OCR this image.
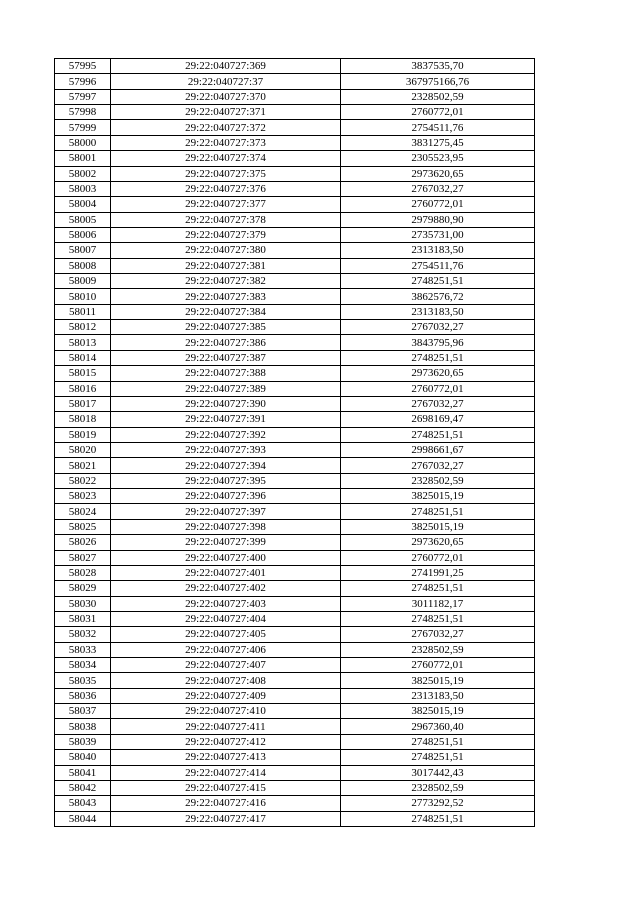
57995	29:22:040727:369	3837535,70
57996	29:22:040727:37	367975166,76
57997	29:22:040727:370	2328502,59
57998	29:22:040727:371	2760772,01
57999	29:22:040727:372	2754511,76
58000	29:22:040727:373	3831275,45
58001	29:22:040727:374	2305523,95
58002	29:22:040727:375	2973620,65
58003	29:22:040727:376	2767032,27
58004	29:22:040727:377	2760772,01
58005	29:22:040727:378	2979880,90
58006	29:22:040727:379	2735731,00
58007	29:22:040727:380	2313183,50
58008	29:22:040727:381	2754511,76
58009	29:22:040727:382	2748251,51
58010	29:22:040727:383	3862576,72
58011	29:22:040727:384	2313183,50
58012	29:22:040727:385	2767032,27
58013	29:22:040727:386	3843795,96
58014	29:22:040727:387	2748251,51
58015	29:22:040727:388	2973620,65
58016	29:22:040727:389	2760772,01
58017	29:22:040727:390	2767032,27
58018	29:22:040727:391	2698169,47
58019	29:22:040727:392	2748251,51
58020	29:22:040727:393	2998661,67
58021	29:22:040727:394	2767032,27
58022	29:22:040727:395	2328502,59
58023	29:22:040727:396	3825015,19
58024	29:22:040727:397	2748251,51
58025	29:22:040727:398	3825015,19
58026	29:22:040727:399	2973620,65
58027	29:22:040727:400	2760772,01
58028	29:22:040727:401	2741991,25
58029	29:22:040727:402	2748251,51
58030	29:22:040727:403	3011182,17
58031	29:22:040727:404	2748251,51
58032	29:22:040727:405	2767032,27
58033	29:22:040727:406	2328502,59
58034	29:22:040727:407	2760772,01
58035	29:22:040727:408	3825015,19
58036	29:22:040727:409	2313183,50
58037	29:22:040727:410	3825015,19
58038	29:22:040727:411	2967360,40
58039	29:22:040727:412	2748251,51
58040	29:22:040727:413	2748251,51
58041	29:22:040727:414	3017442,43
58042	29:22:040727:415	2328502,59
58043	29:22:040727:416	2773292,52
58044	29:22:040727:417	2748251,51
